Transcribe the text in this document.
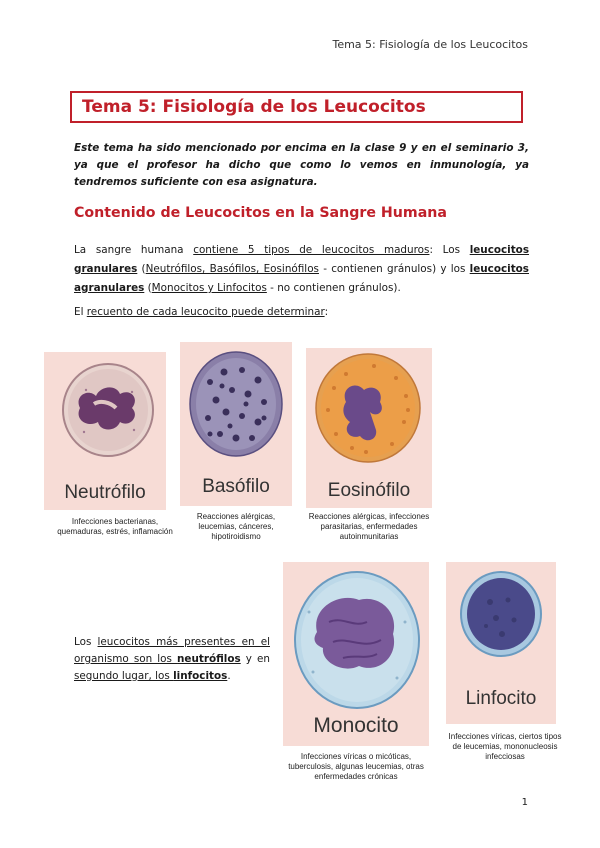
Tema 5: Fisiología de los Leucocitos
Tema 5: Fisiología de los Leucocitos
Este tema ha sido mencionado por encima en la clase 9 y en el seminario 3, ya que el profesor ha dicho que como lo vemos en inmunología, ya tendremos suficiente con esa asignatura.
Contenido de Leucocitos en la Sangre Humana
La sangre humana contiene 5 tipos de leucocitos maduros: Los leucocitos granulares (Neutrófilos, Basófilos, Eosinófilos - contienen gránulos) y los leucocitos agranulares (Monocitos y Linfocitos - no contienen gránulos).
El recuento de cada leucocito puede determinar:
Neutrófilo
Infecciones bacterianas, quemaduras, estrés, inflamación
Basófilo
Reacciones alérgicas, leucemias, cánceres, hipotiroidismo
Eosinófilo
Reacciones alérgicas, infecciones parasitarias, enfermedades autoinmunitarias
Los leucocitos más presentes en el organismo son los neutrófilos y en segundo lugar, los linfocitos.
Monocito
Infecciones víricas o micóticas, tuberculosis, algunas leucemias, otras enfermedades crónicas
Linfocito
Infecciones víricas, ciertos tipos de leucemias, mononucleosis infecciosas
1
